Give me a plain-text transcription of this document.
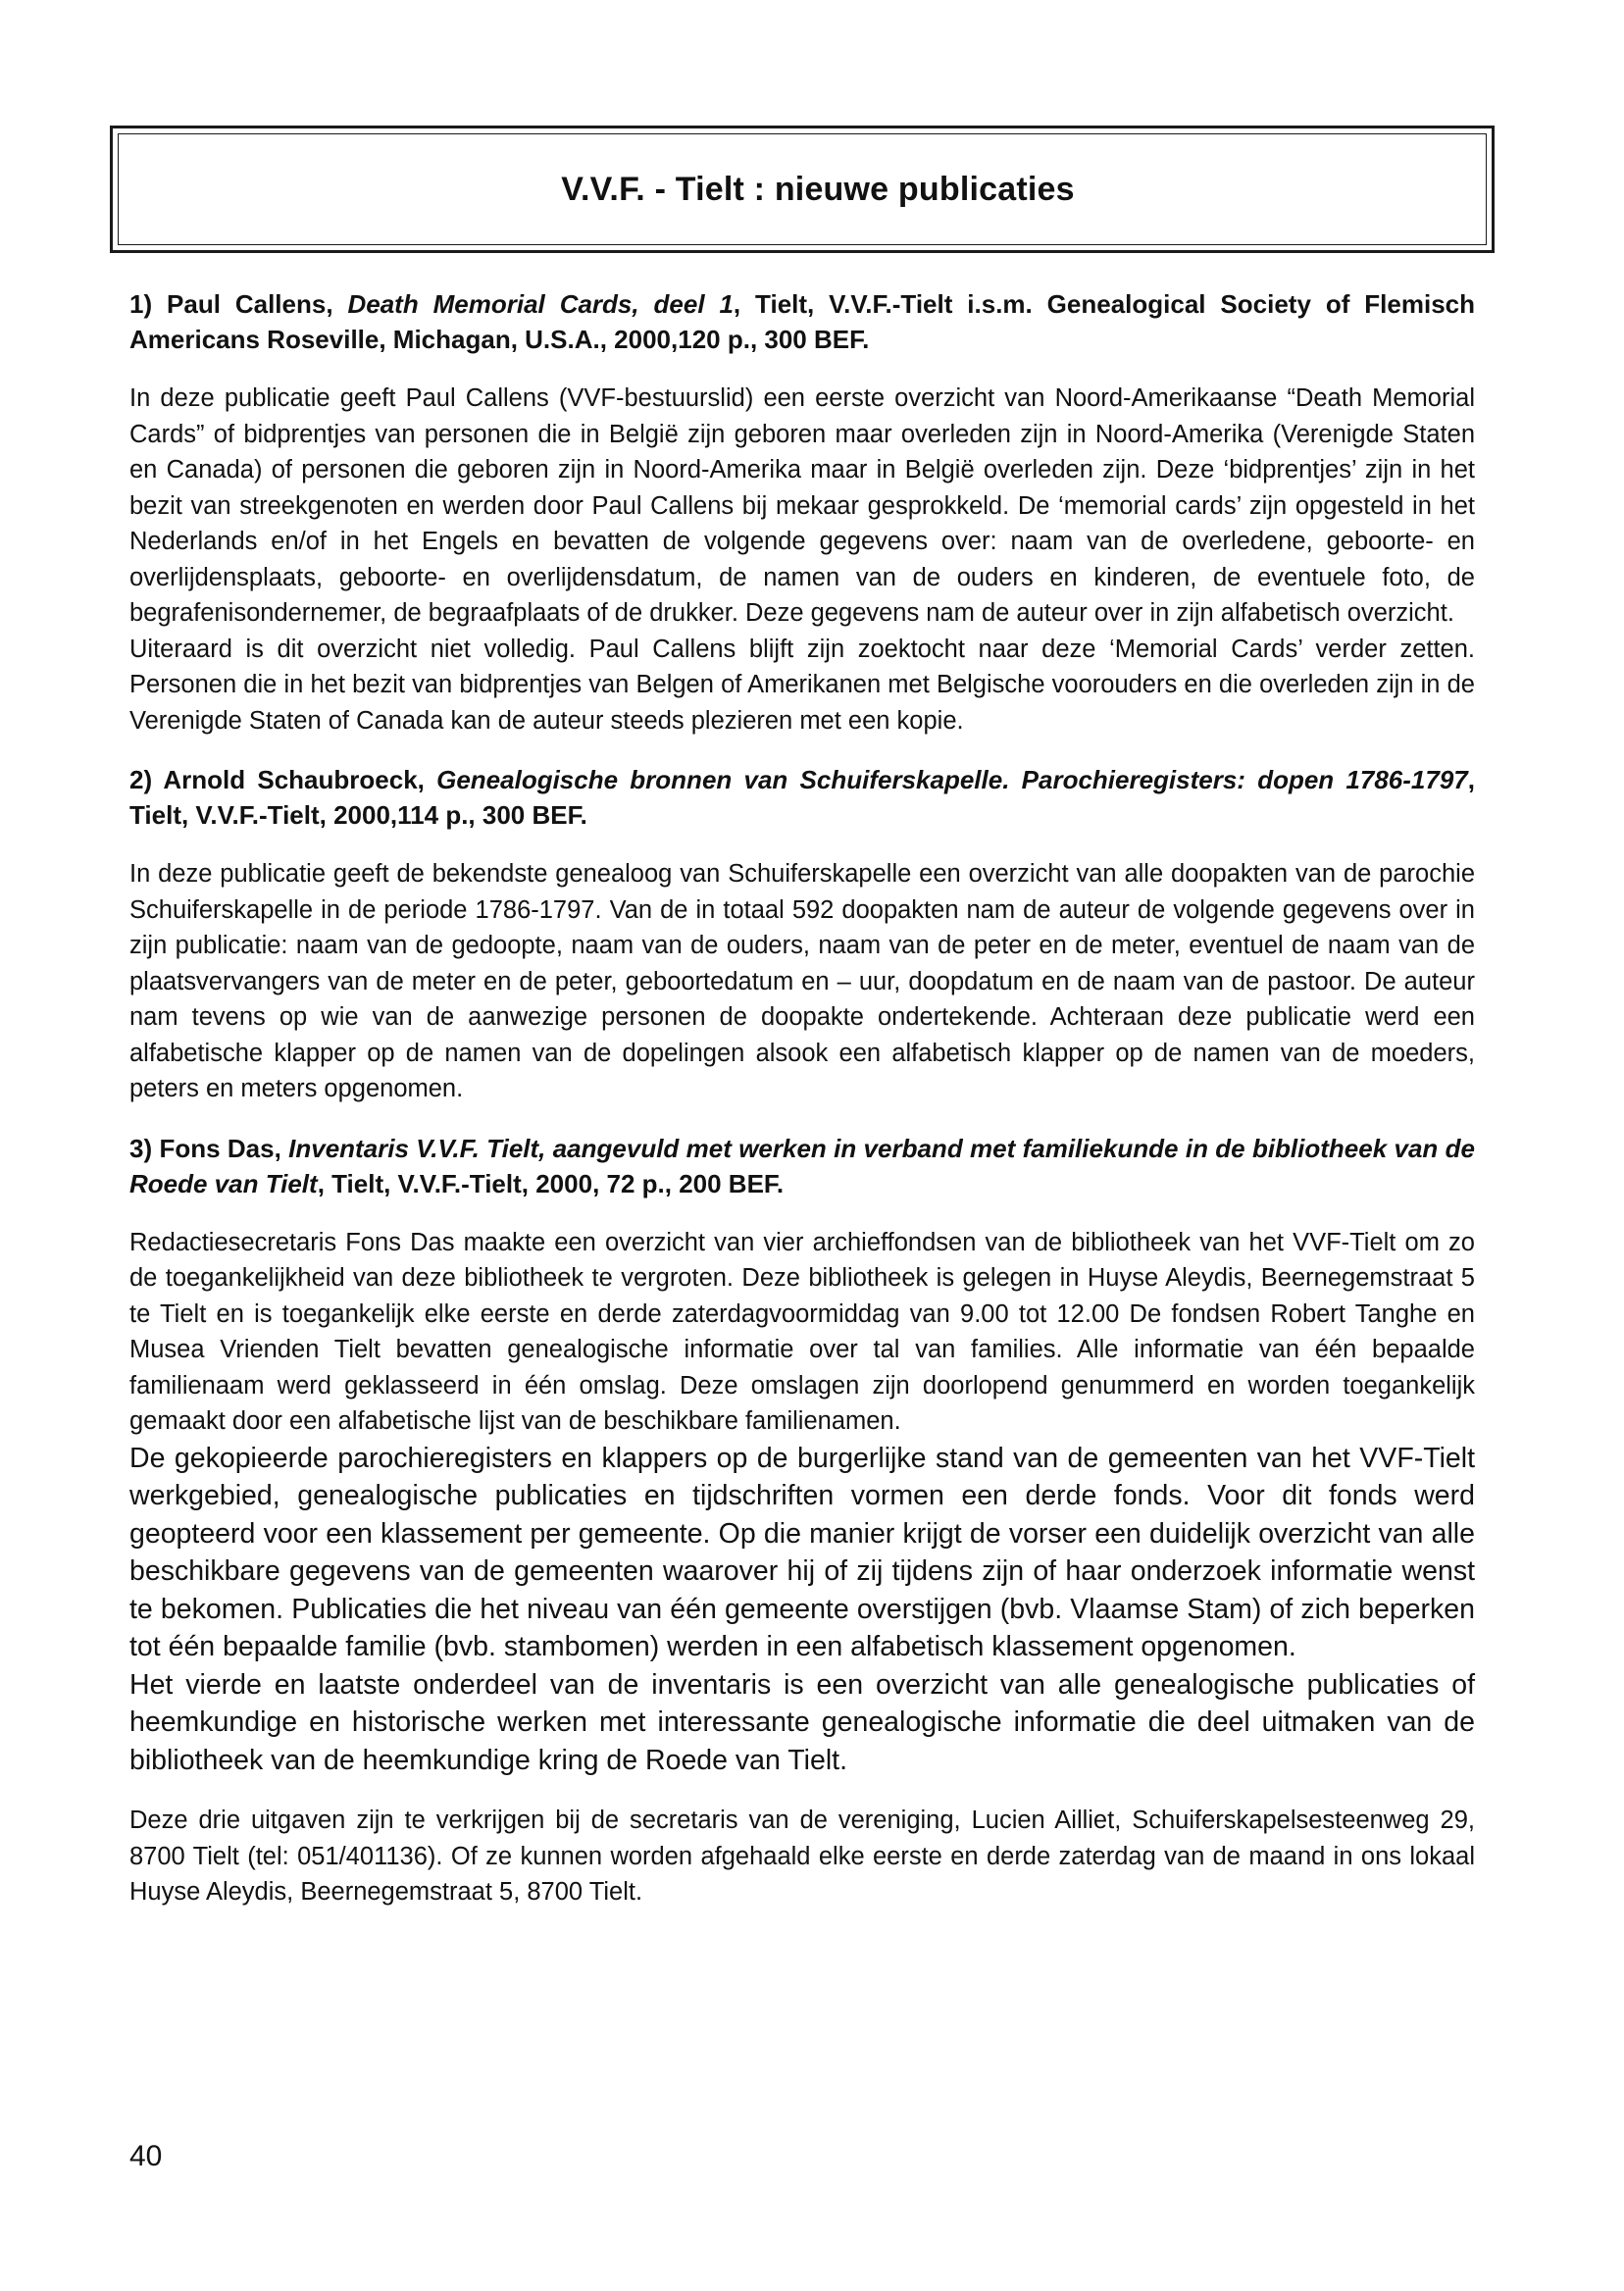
V.V.F. - Tielt : nieuwe publicaties

1) Paul Callens, Death Memorial Cards, deel 1, Tielt, V.V.F.-Tielt i.s.m. Genealogical Society of Flemisch Americans Roseville, Michagan, U.S.A., 2000,120 p., 300 BEF.

In deze publicatie geeft Paul Callens (VVF-bestuurslid) een eerste overzicht van Noord-Amerikaanse “Death Memorial Cards” of bidprentjes van personen die in België zijn geboren maar overleden zijn in Noord-Amerika (Verenigde Staten en Canada) of personen die geboren zijn in Noord-Amerika maar in België overleden zijn. Deze ‘bidprentjes’ zijn in het bezit van streekgenoten en werden door Paul Callens bij mekaar gesprokkeld. De ‘memorial cards’ zijn opgesteld in het Nederlands en/of in het Engels en bevatten de volgende gegevens over: naam van de overledene, geboorte- en overlijdensplaats, geboorte- en overlijdensdatum, de namen van de ouders en kinderen, de eventuele foto, de begrafenisondernemer, de begraafplaats of de drukker. Deze gegevens nam de auteur over in zijn alfabetisch overzicht.

Uiteraard is dit overzicht niet volledig. Paul Callens blijft zijn zoektocht naar deze ‘Memorial Cards’ verder zetten. Personen die in het bezit van bidprentjes van Belgen of Amerikanen met Belgische voorouders en die overleden zijn in de Verenigde Staten of Canada kan de auteur steeds plezieren met een kopie.

2) Arnold Schaubroeck, Genealogische bronnen van Schuiferskapelle. Parochieregisters: dopen 1786-1797, Tielt, V.V.F.-Tielt, 2000,114 p., 300 BEF.

In deze publicatie geeft de bekendste genealoog van Schuiferskapelle een overzicht van alle doopakten van de parochie Schuiferskapelle in de periode 1786-1797. Van de in totaal 592 doopakten nam de auteur de volgende gegevens over in zijn publicatie: naam van de gedoopte, naam van de ouders, naam van de peter en de meter, eventuel de naam van de plaatsvervangers van de meter en de peter, geboortedatum en – uur, doopdatum en de naam van de pastoor. De auteur nam tevens op wie van de aanwezige personen de doopakte ondertekende. Achteraan deze publicatie werd een alfabetische klapper op de namen van de dopelingen alsook een alfabetisch klapper op de namen van de moeders, peters en meters opgenomen.

3) Fons Das, Inventaris V.V.F. Tielt, aangevuld met werken in verband met familiekunde in de bibliotheek van de Roede van Tielt, Tielt, V.V.F.-Tielt, 2000, 72 p., 200 BEF.

Redactiesecretaris Fons Das maakte een overzicht van vier archieffondsen van de bibliotheek van het VVF-Tielt om zo de toegankelijkheid van deze bibliotheek te vergroten. Deze bibliotheek is gelegen in Huyse Aleydis, Beernegemstraat 5 te Tielt en is toegankelijk elke eerste en derde zaterdagvoormiddag van 9.00 tot 12.00 De fondsen Robert Tanghe en Musea Vrienden Tielt bevatten genealogische informatie over tal van families. Alle informatie van één bepaalde familienaam werd geklasseerd in één omslag. Deze omslagen zijn doorlopend genummerd en worden toegankelijk gemaakt door een alfabetische lijst van de beschikbare familienamen.

De gekopieerde parochieregisters en klappers op de burgerlijke stand van de gemeenten van het VVF-Tielt werkgebied, genealogische publicaties en tijdschriften vormen een derde fonds. Voor dit fonds werd geopteerd voor een klassement per gemeente. Op die manier krijgt de vorser een duidelijk overzicht van alle beschikbare gegevens van de gemeenten waarover hij of zij tijdens zijn of haar onderzoek informatie wenst te bekomen. Publicaties die het niveau van één gemeente overstijgen (bvb. Vlaamse Stam) of zich beperken tot één bepaalde familie (bvb. stambomen) werden in een alfabetisch klassement opgenomen.

Het vierde en laatste onderdeel van de inventaris is een overzicht van alle genealogische publicaties of heemkundige en historische werken met interessante genealogische informatie die deel uitmaken van de bibliotheek van de heemkundige kring de Roede van Tielt.

Deze drie uitgaven zijn te verkrijgen bij de secretaris van de vereniging, Lucien Ailliet, Schuiferskapelsesteenweg 29, 8700 Tielt (tel: 051/401136). Of ze kunnen worden afgehaald elke eerste en derde zaterdag van de maand in ons lokaal Huyse Aleydis, Beernegemstraat 5, 8700 Tielt.

40
